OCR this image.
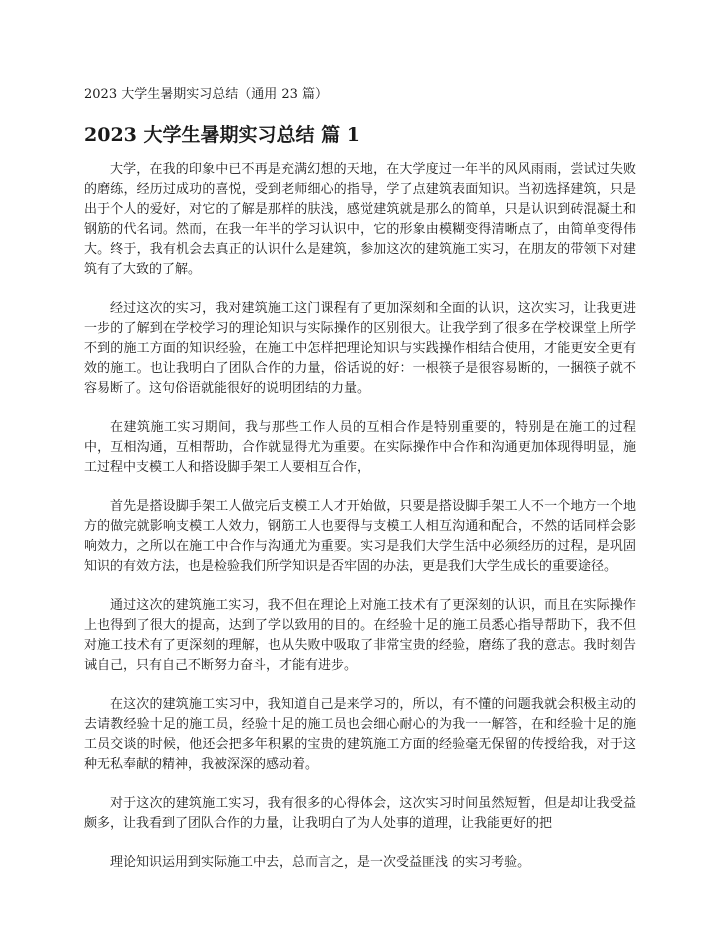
2023 大学生暑期实习总结（通用 23 篇）
2023 大学生暑期实习总结 篇 1

大学，在我的印象中已不再是充满幻想的天地，在大学度过一年半的风风雨雨，尝试过失败的磨练，经历过成功的喜悦，受到老师细心的指导，学了点建筑表面知识。当初选择建筑，只是出于个人的爱好，对它的了解是那样的肤浅，感觉建筑就是那么的简单，只是认识到砖混凝土和钢筋的代名词。然而，在我一年半的学习认识中，它的形象由模糊变得清晰点了，由简单变得伟大。终于，我有机会去真正的认识什么是建筑，参加这次的建筑施工实习，在朋友的带领下对建筑有了大致的了解。

经过这次的实习，我对建筑施工这门课程有了更加深刻和全面的认识，这次实习，让我更进一步的了解到在学校学习的理论知识与实际操作的区别很大。让我学到了很多在学校课堂上所学不到的施工方面的知识经验，在施工中怎样把理论知识与实践操作相结合使用，才能更安全更有效的施工。也让我明白了团队合作的力量，俗话说的好：一根筷子是很容易断的，一捆筷子就不容易断了。这句俗语就能很好的说明团结的力量。

在建筑施工实习期间，我与那些工作人员的互相合作是特别重要的，特别是在施工的过程中，互相沟通，互相帮助，合作就显得尤为重要。在实际操作中合作和沟通更加体现得明显，施工过程中支模工人和搭设脚手架工人要相互合作，

首先是搭设脚手架工人做完后支模工人才开始做，只要是搭设脚手架工人不一个地方一个地方的做完就影响支模工人效力，钢筋工人也要得与支模工人相互沟通和配合，不然的话同样会影响效力，之所以在施工中合作与沟通尤为重要。实习是我们大学生活中必须经历的过程，是巩固知识的有效方法，也是检验我们所学知识是否牢固的办法，更是我们大学生成长的重要途径。

通过这次的建筑施工实习，我不但在理论上对施工技术有了更深刻的认识，而且在实际操作上也得到了很大的提高，达到了学以致用的目的。在经验十足的施工员悉心指导帮助下，我不但对施工技术有了更深刻的理解，也从失败中吸取了非常宝贵的经验，磨练了我的意志。我时刻告诫自己，只有自己不断努力奋斗，才能有进步。

在这次的建筑施工实习中，我知道自己是来学习的，所以，有不懂的问题我就会积极主动的去请教经验十足的施工员，经验十足的施工员也会细心耐心的为我一一解答，在和经验十足的施工员交谈的时候，他还会把多年积累的宝贵的建筑施工方面的经验毫无保留的传授给我，对于这种无私奉献的精神，我被深深的感动着。

对于这次的建筑施工实习，我有很多的心得体会，这次实习时间虽然短暂，但是却让我受益颇多，让我看到了团队合作的力量，让我明白了为人处事的道理，让我能更好的把

理论知识运用到实际施工中去，总而言之，是一次受益匪浅 的实习考验。
